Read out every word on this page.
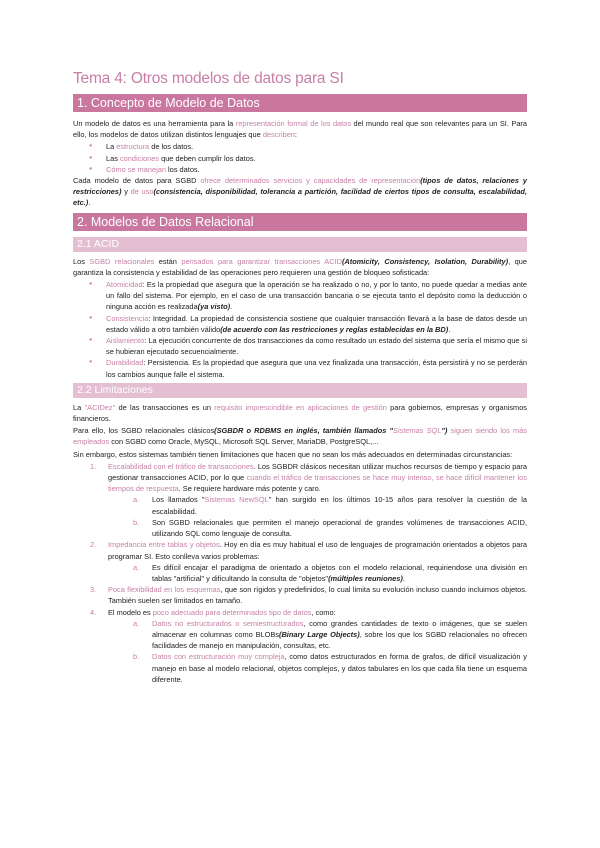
Tema 4: Otros modelos de datos para SI
1. Concepto de Modelo de Datos

Un modelo de datos es una herramienta para la representación formal de los datos del mundo real que son relevantes para un SI. Para ello, los modelos de datos utilizan distintos lenguajes que describen:

● La estructura de los datos.
● Las condiciones que deben cumplir los datos.
● Cómo se manejan los datos.

Cada modelo de datos para SGBD ofrece determinados servicios y capacidades de representación(tipos de datos, relaciones y restricciones) y de uso(consistencia, disponibilidad, tolerancia a partición, facilidad de ciertos tipos de consulta, escalabilidad, etc.).

2. Modelos de Datos Relacional
2.1 ACID

Los SGBD relacionales están pensados para garantizar transacciones ACID(Atomicity, Consistency, Isolation, Durability), que garantiza la consistencia y estabilidad de las operaciones pero requieren una gestión de bloqueo sofisticada:

● Atomicidad: Es la propiedad que asegura que la operación se ha realizado o no, y por lo tanto, no puede quedar a medias ante un fallo del sistema. Por ejemplo, en el caso de una transacción bancaria o se ejecuta tanto el depósito como la deducción o ninguna acción es realizada(ya visto).
● Consistencia: Integridad. La propiedad de consistencia sostiene que cualquier transacción llevará a la base de datos desde un estado válido a otro también válido(de acuerdo con las restricciones y reglas establecidas en la BD).
● Aislamiento: La ejecución concurrente de dos transacciones da como resultado un estado del sistema que sería el mismo que si se hubieran ejecutado secuencialmente.
● Durabilidad: Persistencia. Es la propiedad que asegura que una vez finalizada una transacción, ésta persistirá y no se perderán los cambios aunque falle el sistema.
2.2 Limitaciones

La "ACIDez" de las transacciones es un requisito imprescindible en aplicaciones de gestión para gobiernos, empresas y organismos financieros.

Para ello, los SGBD relacionales clásicos(SGBDR o RDBMS en inglés, también llamados "Sistemas SQL") siguen siendo los más empleados con SGBD como Oracle, MySQL, Microsoft SQL Server, MariaDB, PostgreSQL,...

Sin embargo, estos sistemas también tienen limitaciones que hacen que no sean los más adecuados en determinadas circunstancias:

1. Escalabilidad con el tráfico de transacciones. Los SGBDR clásicos necesitan utilizar muchos recursos de tiempo y espacio para gestionar transacciones ACID, por lo que cuando el tráfico de transacciones se hace muy intenso, se hace difícil mantener los tiempos de respuesta. Se requiere hardware más potente y caro.
a. Los llamados "Sistemas NewSQL" han surgido en los últimos 10-15 años para resolver la cuestión de la escalabilidad.
b. Son SGBD relacionales que permiten el manejo operacional de grandes volúmenes de transacciones ACID, utilizando SQL como lenguaje de consulta.
2. Impedancia entre tablas y objetos. Hoy en día es muy habitual el uso de lenguajes de programación orientados a objetos para programar SI. Esto conlleva varios problemas:
a. Es difícil encajar el paradigma de orientado a objetos con el modelo relacional, requiriendose una división en tablas "artificial" y dificultando la consulta de "objetos"(múltiples reuniones).
3. Poca flexibilidad en los esquemas, que son rígidos y predefinidos, lo cual limita su evolución incluso cuando incluimos objetos. También suelen ser limitados en tamaño.
4. El modelo es poco adecuado para determinados tipo de datos, como:
a. Datos no estructurados o semiestructurados, como grandes cantidades de texto o imágenes, que se suelen almacenar en columnas como BLOBs(Binary Large Objects), sobre los que los SGBD relacionales no ofrecen facilidades de manejo en manipulación, consultas, etc.
b. Datos con estructuración muy compleja, como datos estructurados en forma de grafos, de difícil visualización y manejo en base al modelo relacional, objetos complejos, y datos tabulares en los que cada fila tiene un esquema diferente.
